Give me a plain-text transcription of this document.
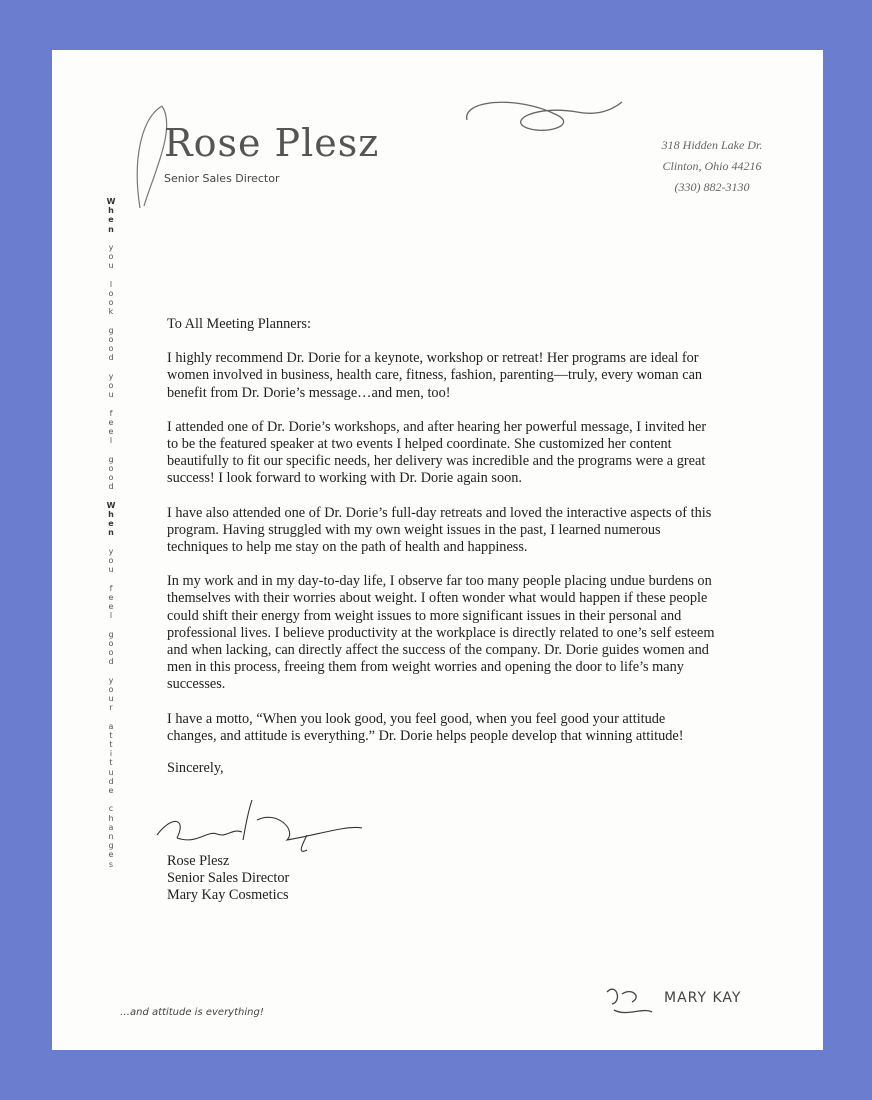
Rose Plesz
Senior Sales Director
318 Hidden Lake Dr.
Clinton, Ohio 44216
(330) 882-3130
W
h
e
n

y
o
u

l
o
o
k

g
o
o
d

y
o
u

f
e
e
l

g
o
o
d

W
h
e
n

y
o
u

f
e
e
l

g
o
o
d

y
o
u
r

a
t
t
i
t
u
d
e

c
h
a
n
g
e
s

To All Meeting Planners:

I highly recommend Dr. Dorie for a keynote, workshop or retreat! Her programs are ideal for women involved in business, health care, fitness, fashion, parenting—truly, every woman can benefit from Dr. Dorie’s message…and men, too!

I attended one of Dr. Dorie’s workshops, and after hearing her powerful message, I invited her to be the featured speaker at two events I helped coordinate. She customized her content beautifully to fit our specific needs, her delivery was incredible and the programs were a great success! I look forward to working with Dr. Dorie again soon.

I have also attended one of Dr. Dorie’s full-day retreats and loved the interactive aspects of this program. Having struggled with my own weight issues in the past, I learned numerous techniques to help me stay on the path of health and happiness.

In my work and in my day-to-day life, I observe far too many people placing undue burdens on themselves with their worries about weight. I often wonder what would happen if these people could shift their energy from weight issues to more significant issues in their personal and professional lives. I believe productivity at the workplace is directly related to one’s self esteem and when lacking, can directly affect the success of the company. Dr. Dorie guides women and men in this process, freeing them from weight worries and opening the door to life’s many successes.

I have a motto, “When you look good, you feel good, when you feel good your attitude changes, and attitude is everything.” Dr. Dorie helps people develop that winning attitude!

Sincerely,

Rose Plesz
Senior Sales Director
Mary Kay Cosmetics
…and attitude is everything!
MARY KAY
